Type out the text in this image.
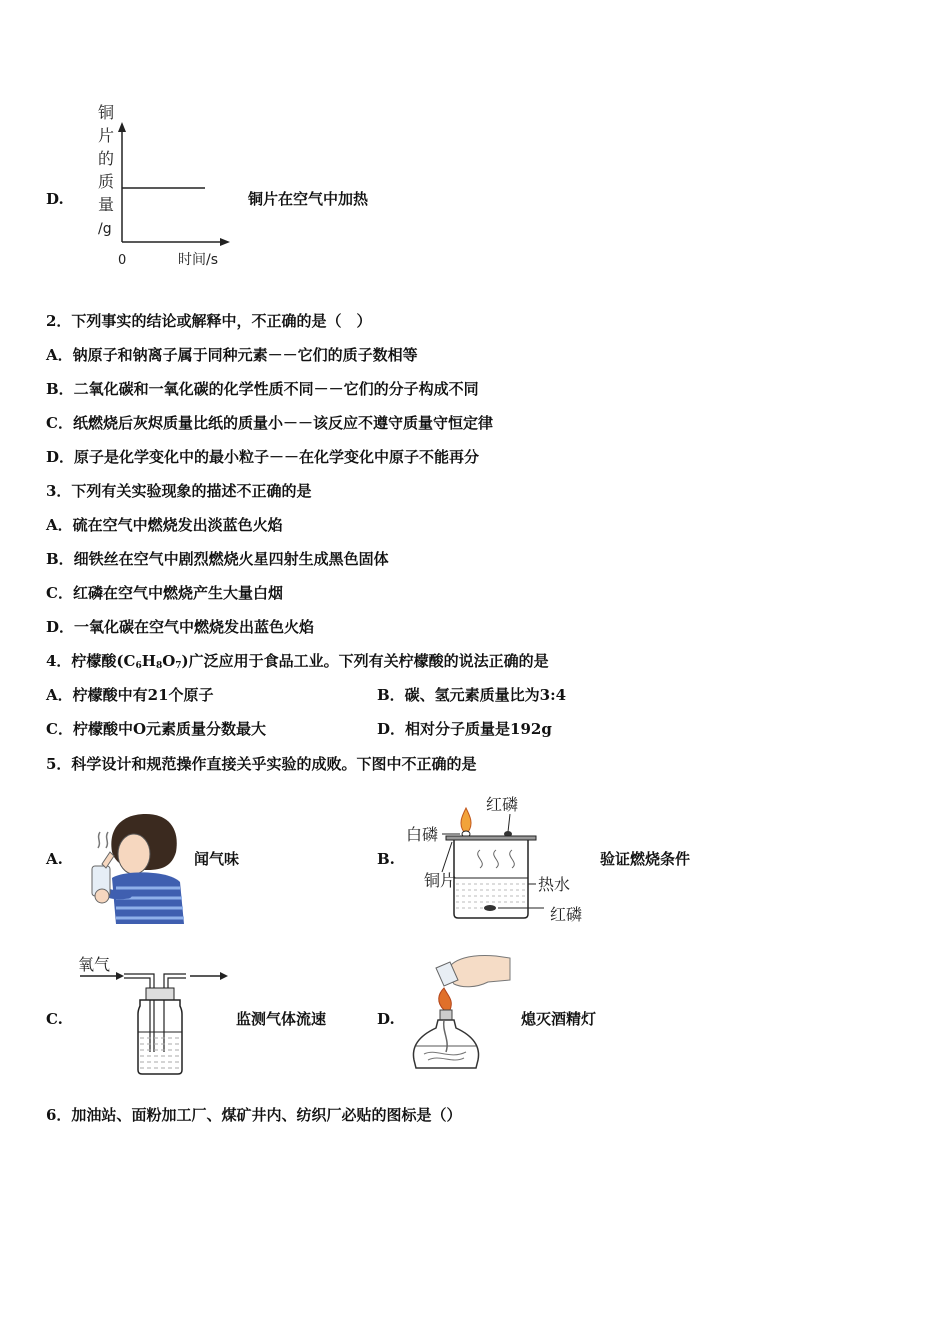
D.
铜
片
的
质
量
/g
0	时间/s
铜片在空气中加热
2．下列事实的结论或解释中，不正确的是（　）
A．钠原子和钠离子属于同种元素－－它们的质子数相等
B．二氧化碳和一氧化碳的化学性质不同－－它们的分子构成不同
C．纸燃烧后灰烬质量比纸的质量小－－该反应不遵守质量守恒定律
D．原子是化学变化中的最小粒子－－在化学变化中原子不能再分
3．下列有关实验现象的描述不正确的是
A．硫在空气中燃烧发出淡蓝色火焰
B．细铁丝在空气中剧烈燃烧火星四射生成黑色固体
C．红磷在空气中燃烧产生大量白烟
D．一氧化碳在空气中燃烧发出蓝色火焰
4．柠檬酸$(C_6H_8O_7)$广泛应用于食品工业。下列有关柠檬酸的说法正确的是
A．柠檬酸中有21个原子	B．碳、氢元素质量比为3:4
C．柠檬酸中O元素质量分数最大	D．相对分子质量是192g
5．科学设计和规范操作直接关乎实验的成败。下图中不正确的是
A.	闻气味	B.
红磷
白磷
铜片	热水
红磷
验证燃烧条件
C.
氧气
监测气体流速	D.	熄灭酒精灯
6．加油站、面粉加工厂、煤矿井内、纺织厂必贴的图标是（）
